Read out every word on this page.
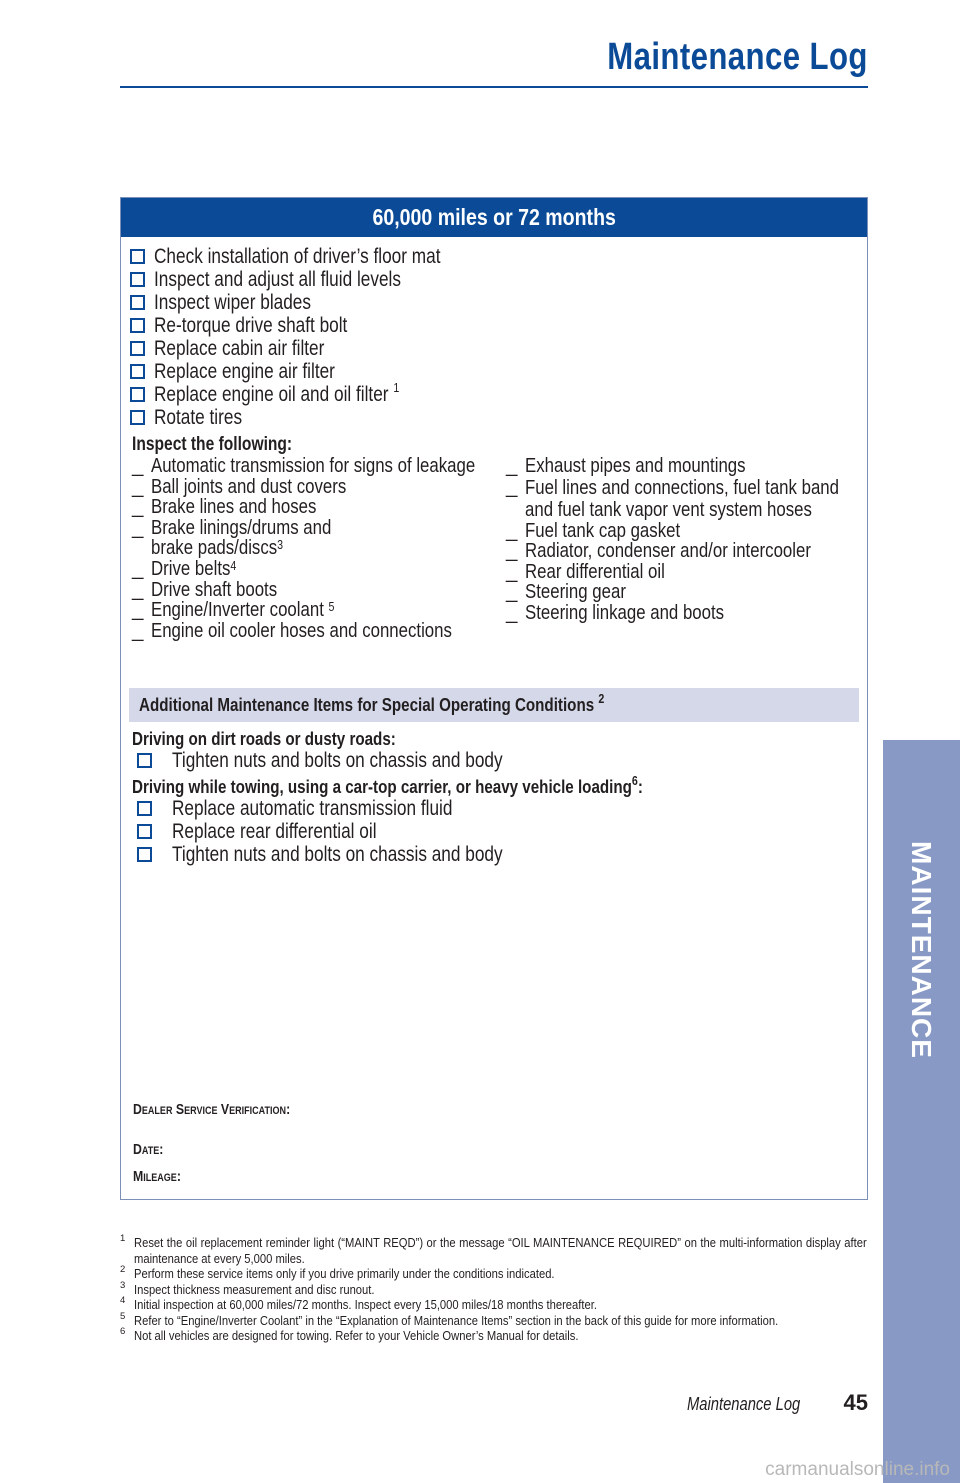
Maintenance Log
MAINTENANCE
60,000 miles or 72 months
Check installation of driver’s floor mat
Inspect and adjust all fluid levels
Inspect wiper blades
Re-torque drive shaft bolt
Replace cabin air filter
Replace engine air filter
Replace engine oil and oil filter $^1$
Rotate tires
Inspect the following:
_ Automatic transmission for signs of leakage
_ Ball joints and dust covers
_ Brake lines and hoses
_ Brake linings/drums and brake pads/discs$^3$
_ Drive belts$^4$
_ Drive shaft boots
_ Engine/Inverter coolant $^5$
_ Engine oil cooler hoses and connections
_ Exhaust pipes and mountings
_ Fuel lines and connections, fuel tank band and fuel tank vapor vent system hoses
_ Fuel tank cap gasket
_ Radiator, condenser and/or intercooler
_ Rear differential oil
_ Steering gear
_ Steering linkage and boots
Additional Maintenance Items for Special Operating Conditions $^2$
Driving on dirt roads or dusty roads:
Tighten nuts and bolts on chassis and body
Driving while towing, using a car-top carrier, or heavy vehicle loading$^6$:
Replace automatic transmission fluid
Replace rear differential oil
Tighten nuts and bolts on chassis and body
Dealer Service Verification:
Date:
Mileage:
1 Reset the oil replacement reminder light (“MAINT REQD”) or the message “OIL MAINTENANCE REQUIRED” on the multi-information display after maintenance at every 5,000 miles.
2 Perform these service items only if you drive primarily under the conditions indicated.
3 Inspect thickness measurement and disc runout.
4 Initial inspection at 60,000 miles/72 months. Inspect every 15,000 miles/18 months thereafter.
5 Refer to “Engine/Inverter Coolant” in the “Explanation of Maintenance Items” section in the back of this guide for more information.
6 Not all vehicles are designed for towing. Refer to your Vehicle Owner’s Manual for details.
Maintenance Log	45
carmanualsonline.info
